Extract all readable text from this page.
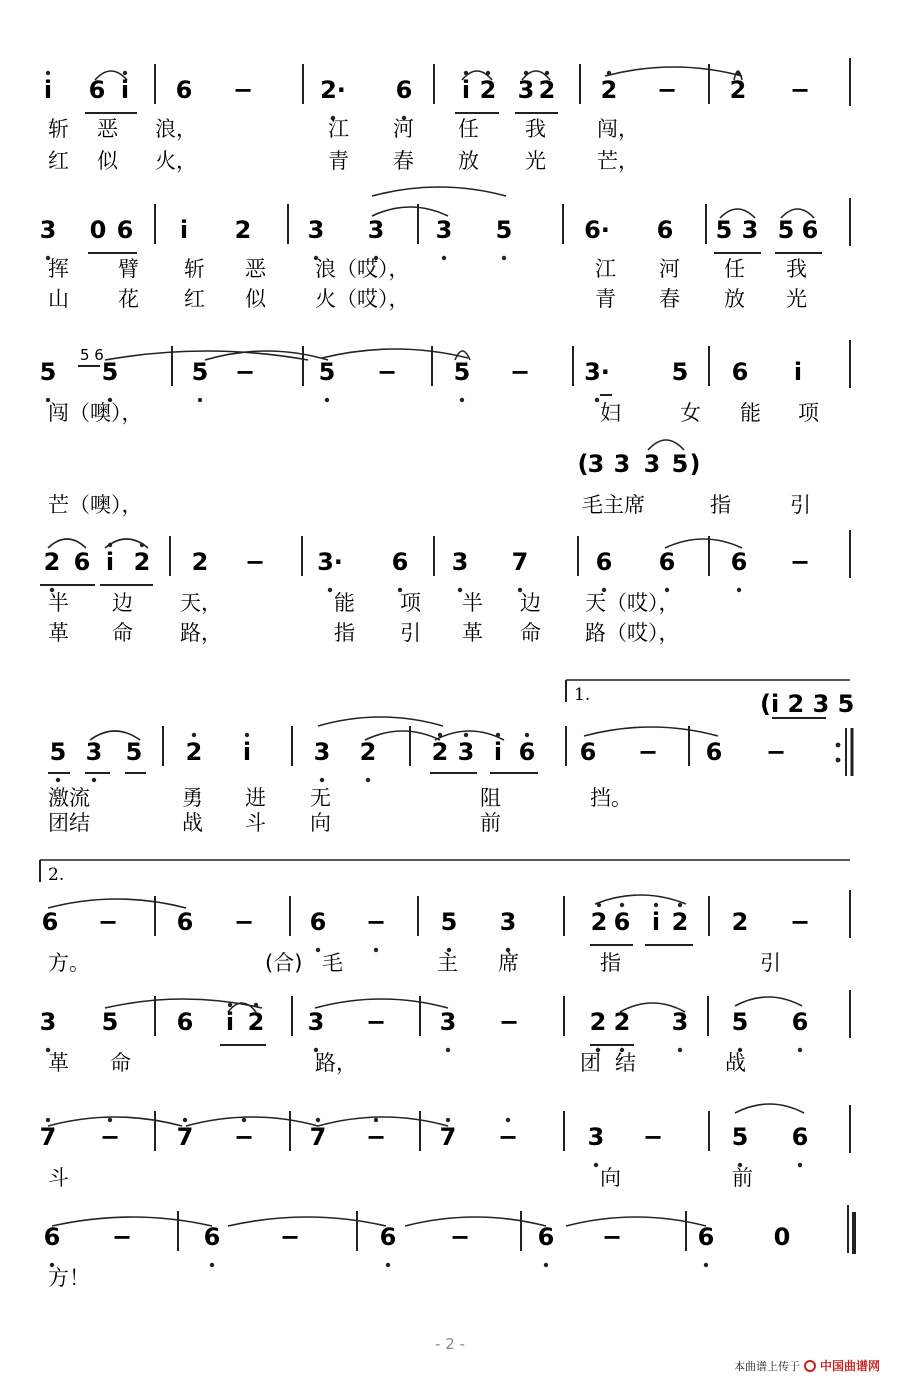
i 6 i 6 −	2· 6 i 2 3 2 2 − 2 −
3 0 6 i 2 3 3 3 5	6· 6 5 3 5 6
5 5	5 −	5 − 5 − 3·	5 6 i
( 3 3 3 5 )
5 6
2 6 i 2 2 − 3· 6 3 7	6 6 6 −
5 3 5 2 i	3 2 2 3 i 6 6 − 6 −
1.	(i 2 3 5
6 − 6 − 6 − 5 3	2 6 i 2 2 −
2.
3 5 6 i 2 3 − 3 −	2 2 3 5 6
7 − 7 − 7 − 7 −	3 −	5 6
6 −	6 −	6 −	6 −	6 0
斩 恶 浪，	江 河 任 我 闯，
红 似 火，	青 春 放 光 芒，
挥 臂 斩 恶 浪（哎），	江 河 任 我
山 花 红 似 火（哎），	青 春 放 光
闯（噢），	妇	女 能 项
芒（噢），	毛主席	指	引
半 边 天，	能 项 半 边 天（哎），
革 命 路，	指 引 革 命 路（哎），
激流	勇 进 无	阻	挡。
团结	战 斗 向	前
方。	(合) 毛	主 席	指	引
革 命	路，	团 结	战
斗	向	前
方！
- 2 -
本曲谱上传于 中国曲谱网
